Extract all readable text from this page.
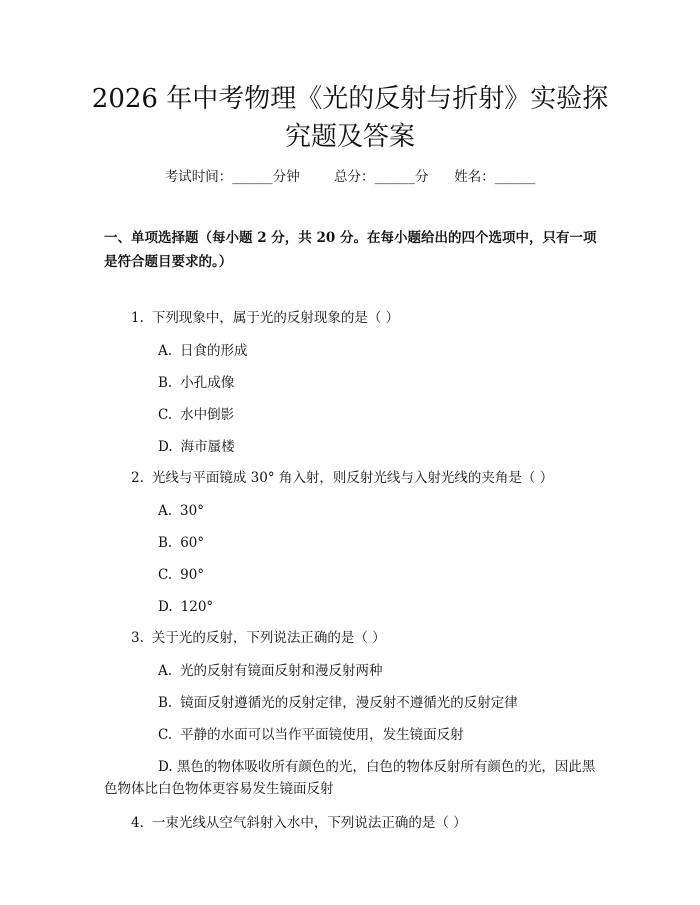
2026 年中考物理《光的反射与折射》实验探
究题及答案
考试时间：______分钟	总分：______分 姓名：______

一、单项选择题（每小题 2 分，共 20 分。在每小题给出的四个选项中，只有一项是符合题目要求的。）

1. 下列现象中，属于光的反射现象的是（ ）
A. 日食的形成
B. 小孔成像
C. 水中倒影
D. 海市蜃楼
2. 光线与平面镜成 30° 角入射，则反射光线与入射光线的夹角是（ ）
A. 30°
B. 60°
C. 90°
D. 120°
3. 关于光的反射，下列说法正确的是（ ）
A. 光的反射有镜面反射和漫反射两种
B. 镜面反射遵循光的反射定律，漫反射不遵循光的反射定律
C. 平静的水面可以当作平面镜使用，发生镜面反射
D. 黑色的物体吸收所有颜色的光，白色的物体反射所有颜色的光，因此黑色物体比白色物体更容易发生镜面反射
4. 一束光线从空气斜射入水中，下列说法正确的是（ ）
